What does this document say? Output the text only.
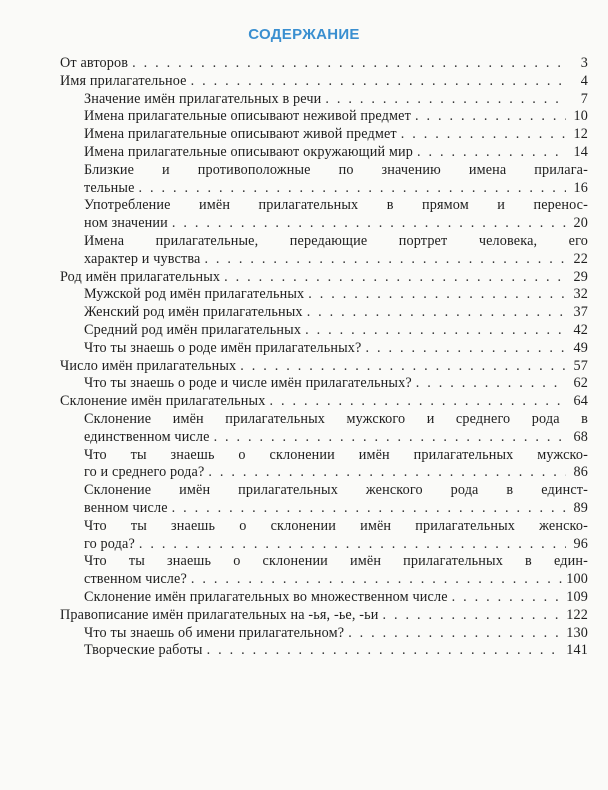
СОДЕРЖАНИЕ
От авторов . . .	3
Имя прилагательное . . .	4
Значение имён прилагательных в речи . . .	7
Имена прилагательные описывают неживой предмет . . .	10
Имена прилагательные описывают живой предмет . . .	12
Имена прилагательные описывают окружающий мир . . .	14
Близкие и противоположные по значению имена прилага-
тельные . . .	16
Употребление имён прилагательных в прямом и перенос-
ном значении . . .	20
Имена прилагательные, передающие портрет человека, его
характер и чувства . . .	22
Род имён прилагательных . . .	29
Мужской род имён прилагательных . . .	32
Женский род имён прилагательных . . .	37
Средний род имён прилагательных . . .	42
Что ты знаешь о роде имён прилагательных? . . .	49
Число имён прилагательных . . .	57
Что ты знаешь о роде и числе имён прилагательных? . . .	62
Склонение имён прилагательных . . .	64
Склонение имён прилагательных мужского и среднего рода в
единственном числе . . .	68
Что ты знаешь о склонении имён прилагательных мужско-
го и среднего рода? . . .	86
Склонение имён прилагательных женского рода в единст-
венном числе . . .	89
Что ты знаешь о склонении имён прилагательных женско-
го рода? . . .	96
Что ты знаешь о склонении имён прилагательных в един-
ственном числе? . . .	100
Склонение имён прилагательных во множественном числе . . .	109
Правописание имён прилагательных на -ья, -ье, -ьи . . .	122
Что ты знаешь об имени прилагательном? . . .	130
Творческие работы . . .	141
